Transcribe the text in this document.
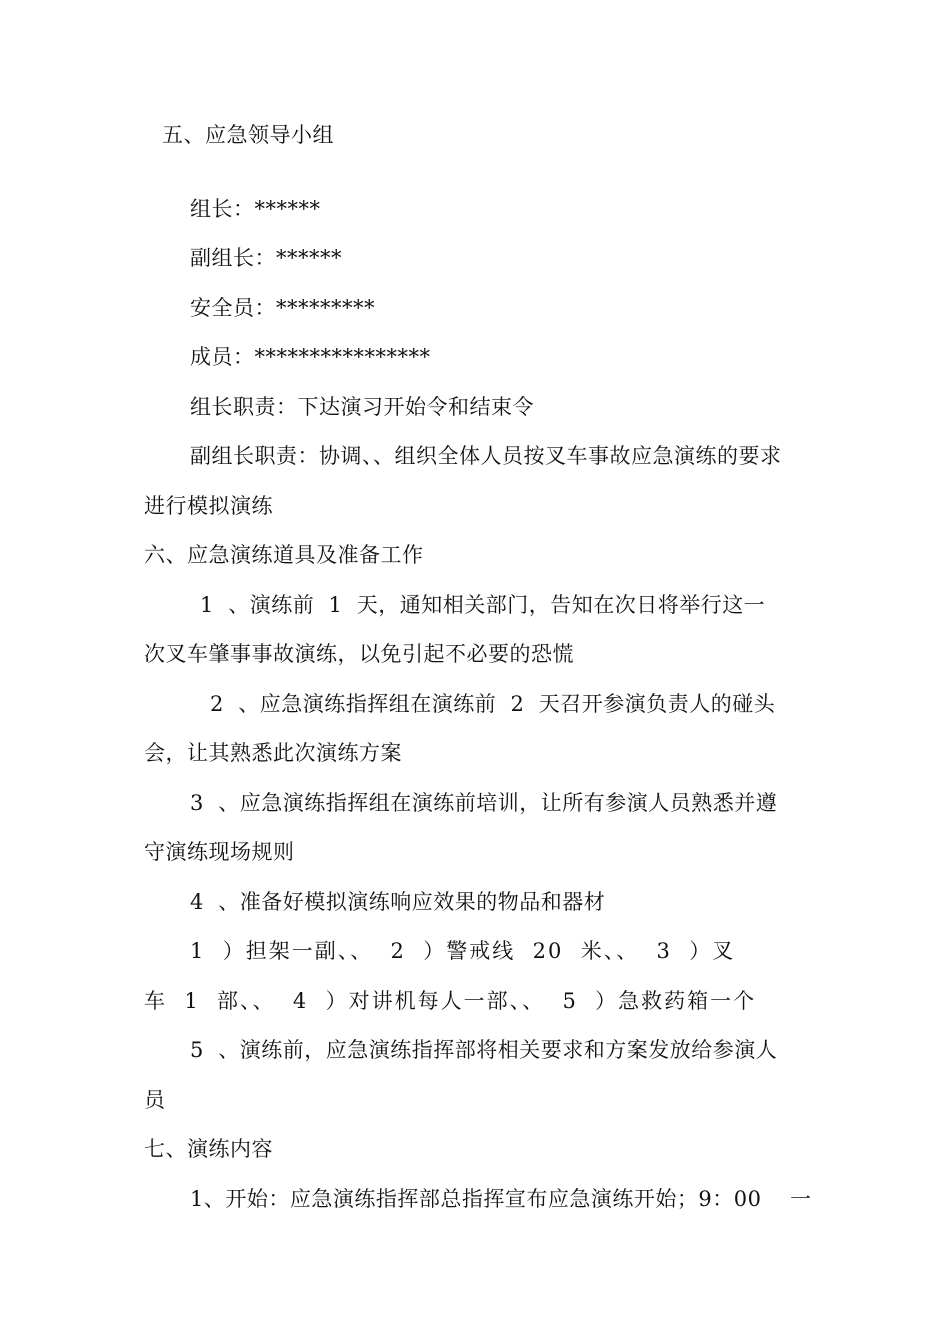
五、应急领导小组
组长：******
副组长：******
安全员：*********
成员：****************
组长职责：下达演习开始令和结束令
副组长职责：协调、、组织全体人员按叉车事故应急演练的要求
进行模拟演练
六、应急演练道具及准备工作
1  、演练前  1  天，通知相关部门，告知在次日将举行这一
次叉车肇事事故演练，以免引起不必要的恐慌
2  、应急演练指挥组在演练前  2  天召开参演负责人的碰头
会，让其熟悉此次演练方案
3  、应急演练指挥组在演练前培训，让所有参演人员熟悉并遵
守演练现场规则
4  、准备好模拟演练响应效果的物品和器材
1  ）担架一副、、  2  ）警戒线  20  米、、  3  ）叉
车  1  部、、  4  ）对讲机每人一部、、  5  ）急救药箱一个
5  、演练前，应急演练指挥部将相关要求和方案发放给参演人
员
七、演练内容
1、开始：应急演练指挥部总指挥宣布应急演练开始；9：00    一
